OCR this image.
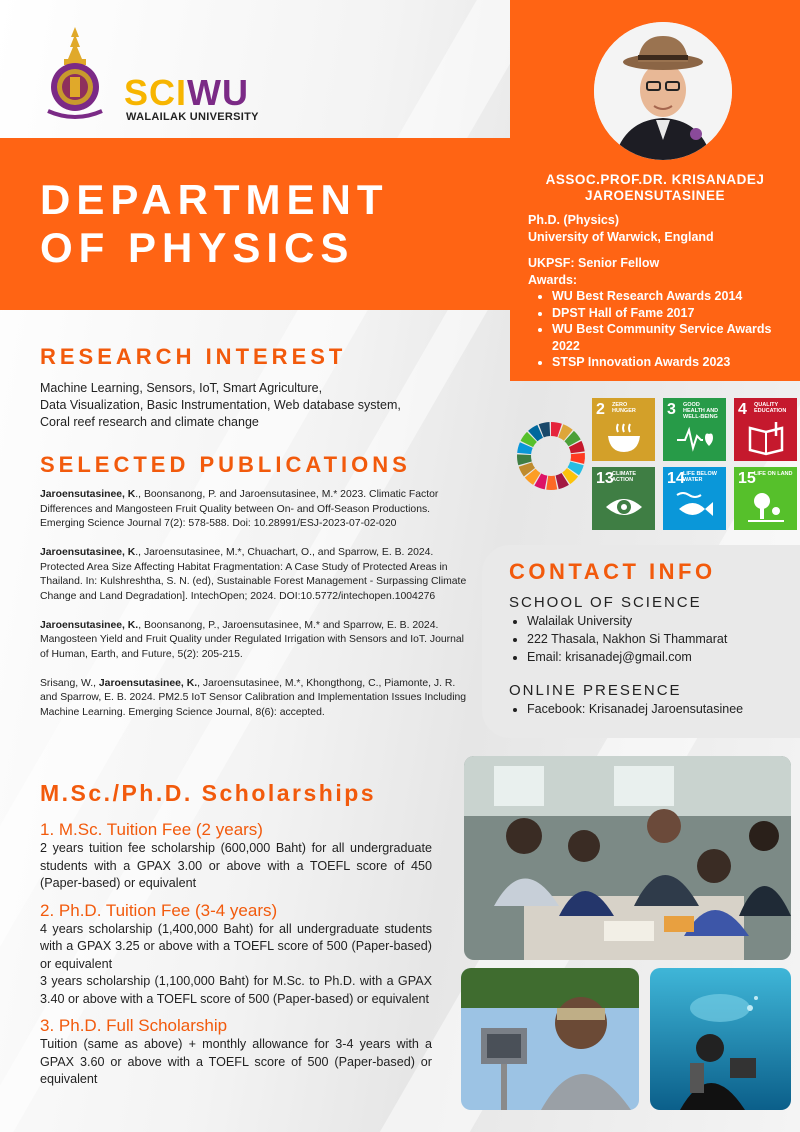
SCIWU
WALAILAK UNIVERSITY
DEPARTMENT
OF PHYSICS
ASSOC.PROF.DR. KRISANADEJ JAROENSUTASINEE
Ph.D. (Physics)
University of Warwick, England
UKPSF: Senior Fellow
Awards:
• WU Best Research Awards 2014
• DPST Hall of Fame 2017
• WU Best Community Service Awards 2022
• STSP Innovation Awards 2023
RESEARCH INTEREST
Machine Learning, Sensors, IoT, Smart Agriculture,
Data Visualization, Basic Instrumentation, Web database system,
Coral reef research and climate change
SELECTED PUBLICATIONS

Jaroensutasinee, K., Boonsanong, P. and Jaroensutasinee, M.* 2023. Climatic Factor Differences and Mangosteen Fruit Quality between On- and Off-Season Productions. Emerging Science Journal 7(2): 578-588. Doi: 10.28991/ESJ-2023-07-02-020

Jaroensutasinee, K., Jaroensutasinee, M.*, Chuachart, O., and Sparrow, E. B. 2024. Protected Area Size Affecting Habitat Fragmentation: A Case Study of Protected Areas in Thailand. In: Kulshreshtha, S. N. (ed), Sustainable Forest Management - Surpassing Climate Change and Land Degradation]. IntechOpen; 2024. DOI:10.5772/intechopen.1004276

Jaroensutasinee, K., Boonsanong, P., Jaroensutasinee, M.* and Sparrow, E. B. 2024. Mangosteen Yield and Fruit Quality under Regulated Irrigation with Sensors and IoT. Journal of Human, Earth, and Future, 5(2): 205-215.

Srisang, W., Jaroensutasinee, K., Jaroensutasinee, M.*, Khongthong, C., Piamonte, J. R. and Sparrow, E. B. 2024. PM2.5 IoT Sensor Calibration and Implementation Issues Including Machine Learning. Emerging Science Journal, 8(6): accepted.

M.Sc./Ph.D. Scholarships
1. M.Sc. Tuition Fee (2 years)

2 years tuition fee scholarship (600,000 Baht) for all undergraduate students with a GPAX 3.00 or above with a TOEFL score of 450 (Paper-based) or equivalent

2. Ph.D. Tuition Fee (3-4 years)

4 years scholarship (1,400,000 Baht) for all undergraduate students with a GPAX 3.25 or above with a TOEFL score of 500 (Paper-based) or equivalent

3 years scholarship (1,100,000 Baht) for M.Sc. to Ph.D. with a GPAX 3.40 or above with a TOEFL score of 500 (Paper-based) or equivalent

3. Ph.D. Full Scholarship

Tuition (same as above) + monthly allowance for 3-4 years with a GPAX 3.60 or above with a TOEFL score of 500 (Paper-based) or equivalent

2 ZERO HUNGER	3 GOOD HEALTH AND WELL-BEING	4 QUALITY EDUCATION
13
CLIMATE ACTION	14
LIFE BELOW WATER	15
LIFE ON LAND
CONTACT INFO
SCHOOL OF SCIENCE
• Walailak University
• 222 Thasala, Nakhon Si Thammarat
• Email: krisanadej@gmail.com
ONLINE PRESENCE
• Facebook: Krisanadej Jaroensutasinee
